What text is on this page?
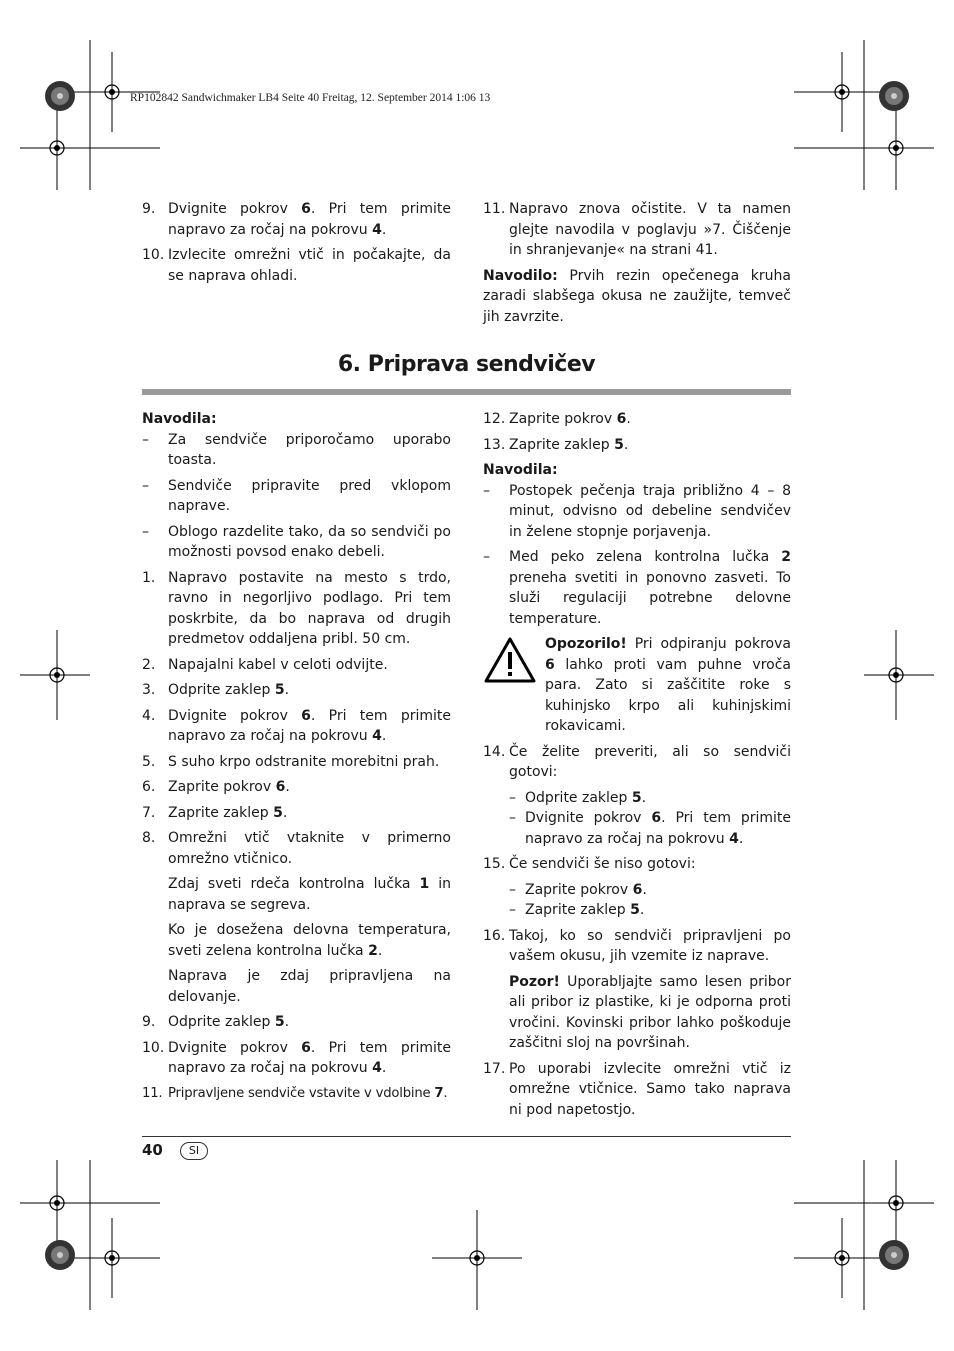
RP102842 Sandwichmaker LB4 Seite 40 Freitag, 12. September 2014 1:06 13
9. Dvignite pokrov 6. Pri tem primite napravo za ročaj na pokrovu 4.
10. Izvlecite omrežni vtič in počakajte, da se naprava ohladi.
11. Napravo znova očistite. V ta namen glejte navodila v poglavju »7. Čiščenje in shranjevanje« na strani 41.
Navodilo: Prvih rezin opečenega kruha zaradi slabšega okusa ne zaužijte, temveč jih zavrzite.
6. Priprava sendvičev
Navodila:
– Za sendviče priporočamo uporabo toasta.
– Sendviče pripravite pred vklopom naprave.
– Oblogo razdelite tako, da so sendviči po možnosti povsod enako debeli.
1. Napravo postavite na mesto s trdo, ravno in negorljivo podlago. Pri tem poskrbite, da bo naprava od drugih predmetov oddaljena pribl. 50 cm.
2. Napajalni kabel v celoti odvijte.
3. Odprite zaklep 5.
4. Dvignite pokrov 6. Pri tem primite napravo za ročaj na pokrovu 4.
5. S suho krpo odstranite morebitni prah.
6. Zaprite pokrov 6.
7. Zaprite zaklep 5.
8. Omrežni vtič vtaknite v primerno omrežno vtičnico.
Zdaj sveti rdeča kontrolna lučka 1 in naprava se segreva.
Ko je dosežena delovna temperatura, sveti zelena kontrolna lučka 2.
Naprava je zdaj pripravljena na delovanje.
9. Odprite zaklep 5.
10. Dvignite pokrov 6. Pri tem primite napravo za ročaj na pokrovu 4.
11. Pripravljene sendviče vstavite v vdolbine 7.
12. Zaprite pokrov 6.
13. Zaprite zaklep 5.
Navodila:
– Postopek pečenja traja približno 4 – 8 minut, odvisno od debeline sendvičev in želene stopnje porjavenja.
– Med peko zelena kontrolna lučka 2 preneha svetiti in ponovno zasveti. To služi regulaciji potrebne delovne temperature.
Opozorilo! Pri odpiranju pokrova 6 lahko proti vam puhne vroča para. Zato si zaščitite roke s kuhinjsko krpo ali kuhinjskimi rokavicami.
14. Če želite preveriti, ali so sendviči gotovi:
– Odprite zaklep 5.
– Dvignite pokrov 6. Pri tem primite napravo za ročaj na pokrovu 4.
15. Če sendviči še niso gotovi:
– Zaprite pokrov 6.
– Zaprite zaklep 5.
16. Takoj, ko so sendviči pripravljeni po vašem okusu, jih vzemite iz naprave.
Pozor! Uporabljajte samo lesen pribor ali pribor iz plastike, ki je odporna proti vročini. Kovinski pribor lahko poškoduje zaščitni sloj na površinah.
17. Po uporabi izvlecite omrežni vtič iz omrežne vtičnice. Samo tako naprava ni pod napetostjo.
40	SI
